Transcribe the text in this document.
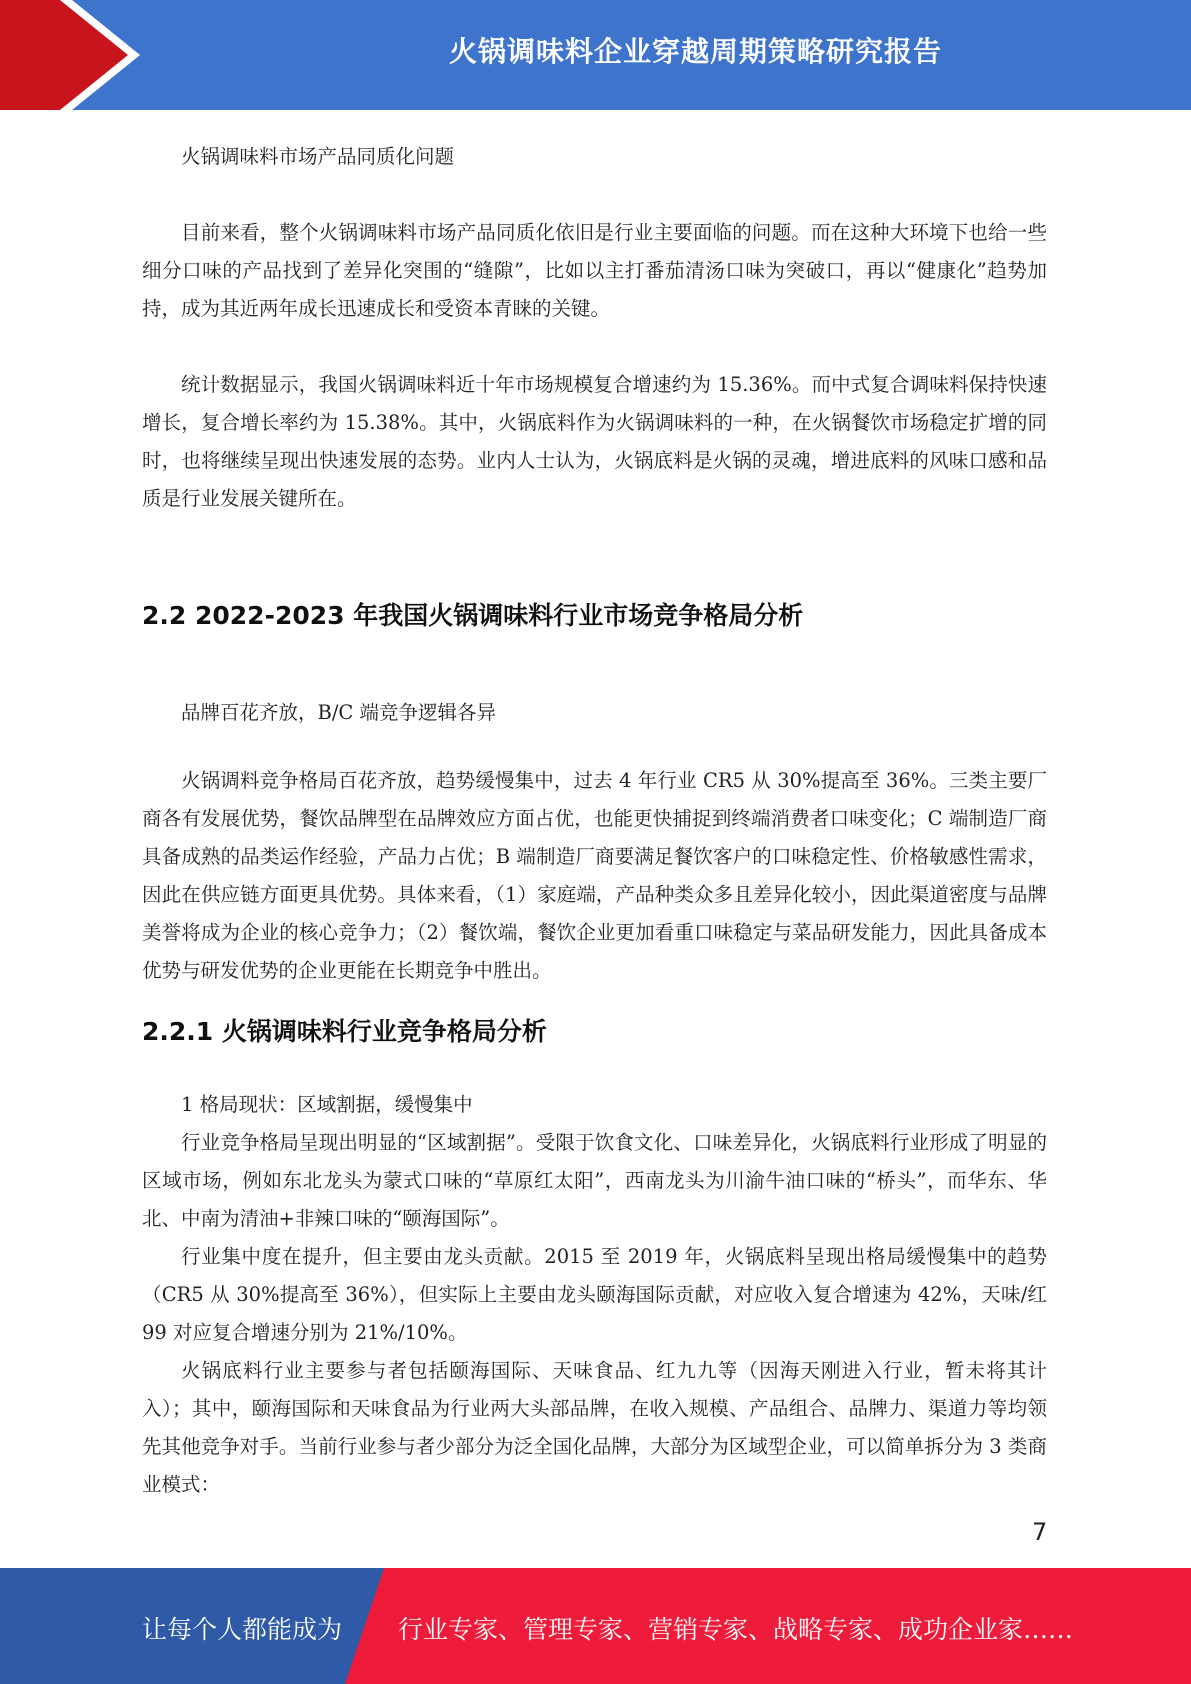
火锅调味料企业穿越周期策略研究报告

火锅调味料市场产品同质化问题

目前来看，整个火锅调味料市场产品同质化依旧是行业主要面临的问题。而在这种大环境下也给一些细分口味的产品找到了差异化突围的“缝隙”，比如以主打番茄清汤口味为突破口，再以“健康化”趋势加持，成为其近两年成长迅速成长和受资本青睐的关键。

统计数据显示，我国火锅调味料近十年市场规模复合增速约为 15.36%。而中式复合调味料保持快速增长，复合增长率约为 15.38%。其中，火锅底料作为火锅调味料的一种，在火锅餐饮市场稳定扩增的同时，也将继续呈现出快速发展的态势。业内人士认为，火锅底料是火锅的灵魂，增进底料的风味口感和品质是行业发展关键所在。

2.2 2022-2023 年我国火锅调味料行业市场竞争格局分析

品牌百花齐放，B/C 端竞争逻辑各异

火锅调料竞争格局百花齐放，趋势缓慢集中，过去 4 年行业 CR5 从 30%提高至 36%。三类主要厂商各有发展优势，餐饮品牌型在品牌效应方面占优，也能更快捕捉到终端消费者口味变化；C 端制造厂商具备成熟的品类运作经验，产品力占优；B 端制造厂商要满足餐饮客户的口味稳定性、价格敏感性需求，因此在供应链方面更具优势。具体来看，（1）家庭端，产品种类众多且差异化较小，因此渠道密度与品牌美誉将成为企业的核心竞争力；（2）餐饮端，餐饮企业更加看重口味稳定与菜品研发能力，因此具备成本优势与研发优势的企业更能在长期竞争中胜出。

2.2.1 火锅调味料行业竞争格局分析

1 格局现状：区域割据，缓慢集中

行业竞争格局呈现出明显的“区域割据”。受限于饮食文化、口味差异化，火锅底料行业形成了明显的区域市场，例如东北龙头为蒙式口味的“草原红太阳”，西南龙头为川渝牛油口味的“桥头”，而华东、华北、中南为清油+非辣口味的“颐海国际”。

行业集中度在提升，但主要由龙头贡献。2015 至 2019 年，火锅底料呈现出格局缓慢集中的趋势（CR5 从 30%提高至 36%），但实际上主要由龙头颐海国际贡献，对应收入复合增速为 42%，天味/红 99 对应复合增速分别为 21%/10%。

火锅底料行业主要参与者包括颐海国际、天味食品、红九九等（因海天刚进入行业，暂未将其计入）；其中，颐海国际和天味食品为行业两大头部品牌，在收入规模、产品组合、品牌力、渠道力等均领先其他竞争对手。当前行业参与者少部分为泛全国化品牌，大部分为区域型企业，可以简单拆分为 3 类商业模式：

7
让每个人都能成为 行业专家、管理专家、营销专家、战略专家、成功企业家……
